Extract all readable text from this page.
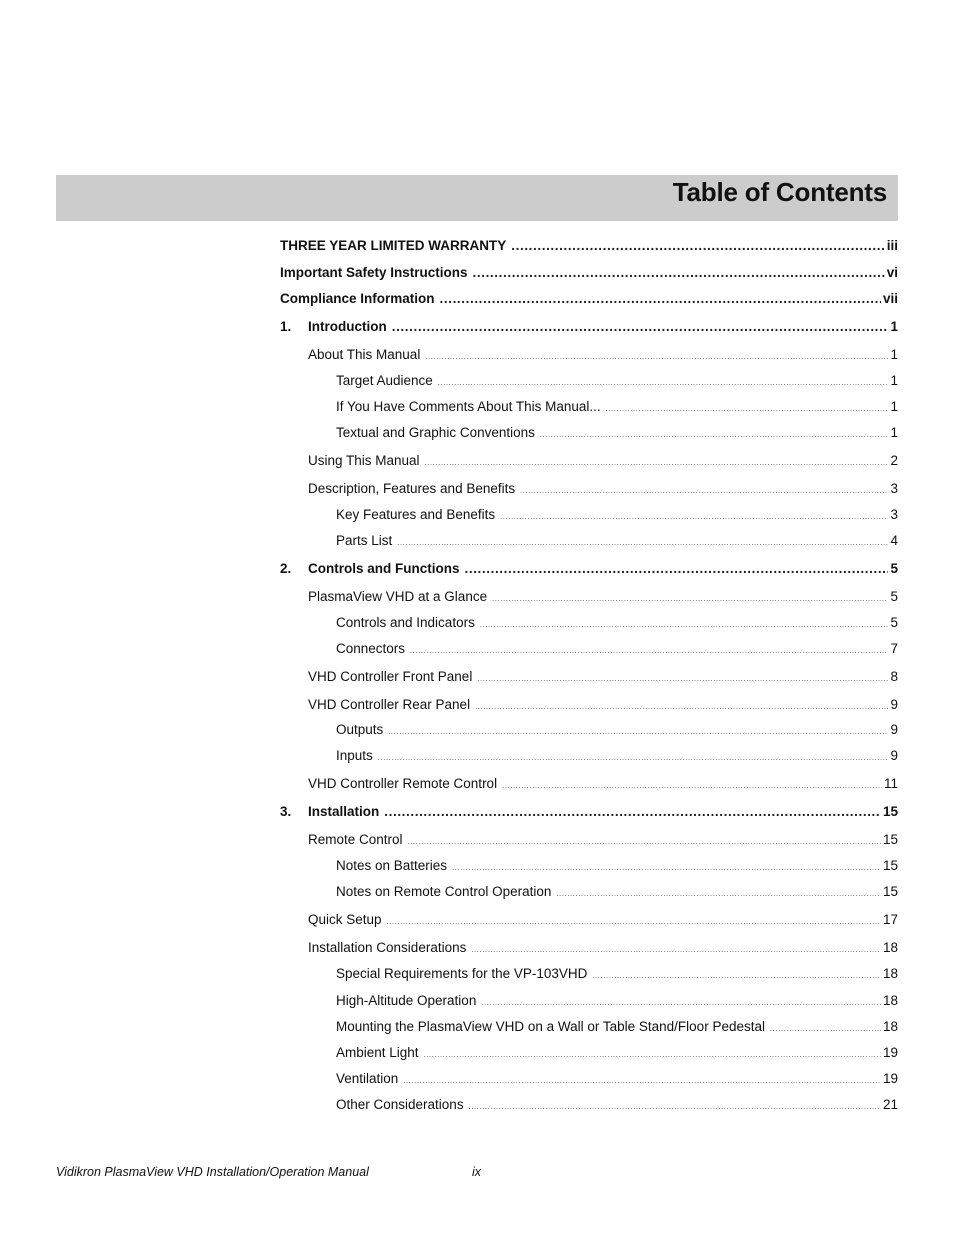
Table of Contents
THREE YEAR LIMITED WARRANTY .....	iii
Important Safety Instructions .....	vi
Compliance Information .....	vii
1.	Introduction .....	1
About This Manual .....	1
Target Audience .....	1
If You Have Comments About This Manual... .....	1
Textual and Graphic Conventions .....	1
Using This Manual .....	2
Description, Features and Benefits .....	3
Key Features and Benefits .....	3
Parts List .....	4
2.	Controls and Functions .....	5
PlasmaView VHD at a Glance .....	5
Controls and Indicators .....	5
Connectors .....	7
VHD Controller Front Panel .....	8
VHD Controller Rear Panel .....	9
Outputs .....	9
Inputs .....	9
VHD Controller Remote Control .....	11
3.	Installation .....	15
Remote Control .....	15
Notes on Batteries .....	15
Notes on Remote Control Operation .....	15
Quick Setup .....	17
Installation Considerations .....	18
Special Requirements for the VP-103VHD .....	18
High-Altitude Operation .....	18
Mounting the PlasmaView VHD on a Wall or Table Stand/Floor Pedestal .....	18
Ambient Light .....	19
Ventilation .....	19
Other Considerations .....	21
Vidikron PlasmaView VHD Installation/Operation Manual	ix
